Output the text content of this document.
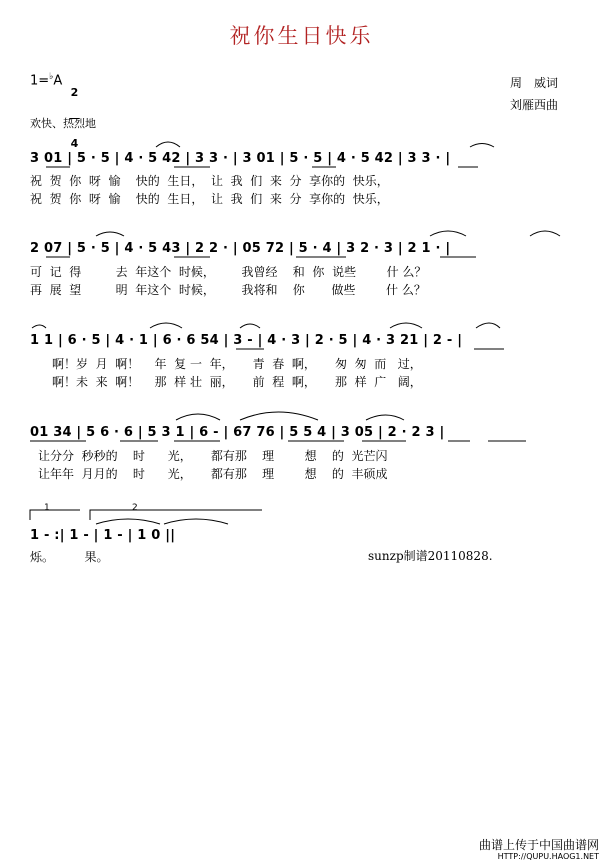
祝你生日快乐
1=♭A

2

4

欢快、热烈地
周　威词
刘雁西曲
3 01 | 5 · 5 | 4 · 5 42 | 3 3 · | 3 01 | 5 · 5 | 4 · 5 42 | 3 3 · |
祝  贺  你  呀  愉    快的  生日，  让  我  们  来  分  享你的  快乐，
祝  贺  你  呀  愉    快的  生日，  让  我  们  来  分  享你的  快乐，
2 07 | 5 · 5 | 4 · 5 43 | 2 2 · | 05 72 | 5 · 4 | 3 2 · 3 | 2 1 · |
可  记  得         去  年这个  时候，       我曾经    和  你  说些        什 么？
再  展  望         明  年这个  时候，       我将和    你       做些        什 么？
1 1 | 6 · 5 | 4 · 1 | 6 · 6 54 | 3 - | 4 · 3 | 2 · 5 | 4 · 3 21 | 2 - |
啊！岁  月  啊！    年  复 一  年，     青  春  啊，     匆  匆  而   过，
啊！未  来  啊！    那  样 壮  丽，     前  程  啊，     那  样  广   阔，
01 34 | 5 6 · 6 | 5 3 1 | 6 - | 67 76 | 5 5 4 | 3 05 | 2 · 2 3 |
让分分  秒秒的    时      光，     都有那    理        想    的  光芒闪
让年年  月月的    时      光，     都有那    理        想    的  丰硕成
1	2
1 - :| 1 - | 1 - | 1 0 ||
烁。        果。	sunzp制谱20110828.
曲谱上传于中国曲谱网
HTTP://QUPU.HAOG1.NET
